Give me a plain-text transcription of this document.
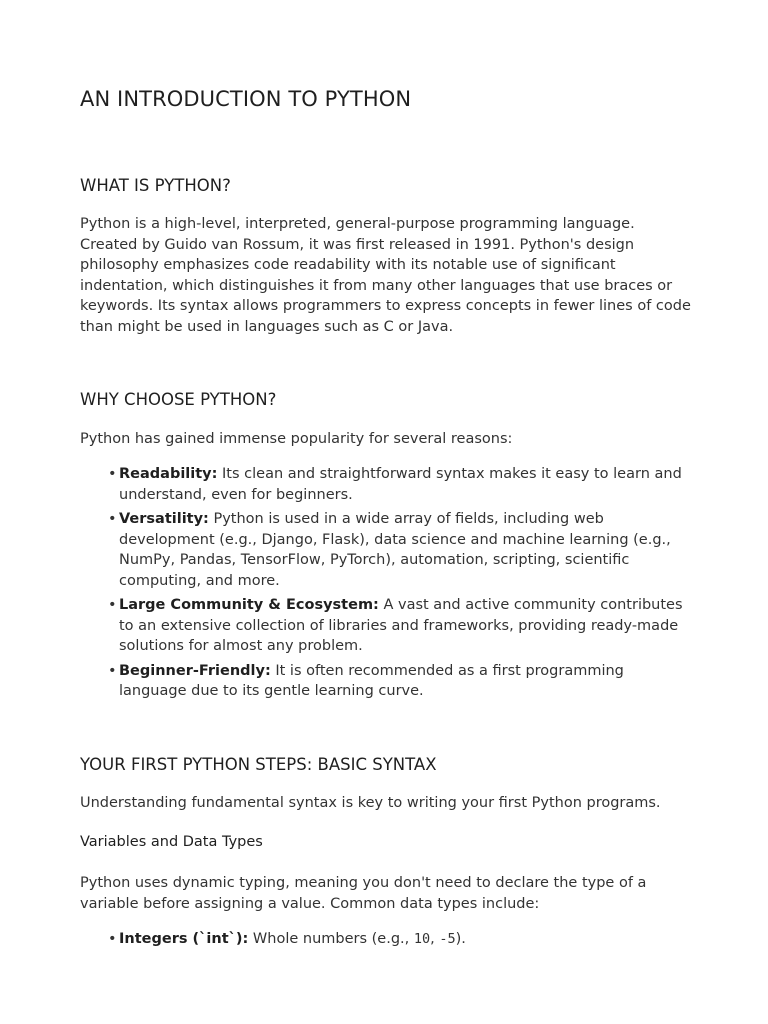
AN INTRODUCTION TO PYTHON
WHAT IS PYTHON?

Python is a high-level, interpreted, general-purpose programming language. Created by Guido van Rossum, it was first released in 1991. Python's design philosophy emphasizes code readability with its notable use of significant indentation, which distinguishes it from many other languages that use braces or keywords. Its syntax allows programmers to express concepts in fewer lines of code than might be used in languages such as C or Java.

WHY CHOOSE PYTHON?

Python has gained immense popularity for several reasons:

• Readability: Its clean and straightforward syntax makes it easy to learn and understand, even for beginners.
• Versatility: Python is used in a wide array of fields, including web development (e.g., Django, Flask), data science and machine learning (e.g., NumPy, Pandas, TensorFlow, PyTorch), automation, scripting, scientific computing, and more.
• Large Community & Ecosystem: A vast and active community contributes to an extensive collection of libraries and frameworks, providing ready-made solutions for almost any problem.
• Beginner-Friendly: It is often recommended as a first programming language due to its gentle learning curve.
YOUR FIRST PYTHON STEPS: BASIC SYNTAX

Understanding fundamental syntax is key to writing your first Python programs.

Variables and Data Types

Python uses dynamic typing, meaning you don't need to declare the type of a variable before assigning a value. Common data types include:

• Integers (`int`): Whole numbers (e.g., 10, -5).
